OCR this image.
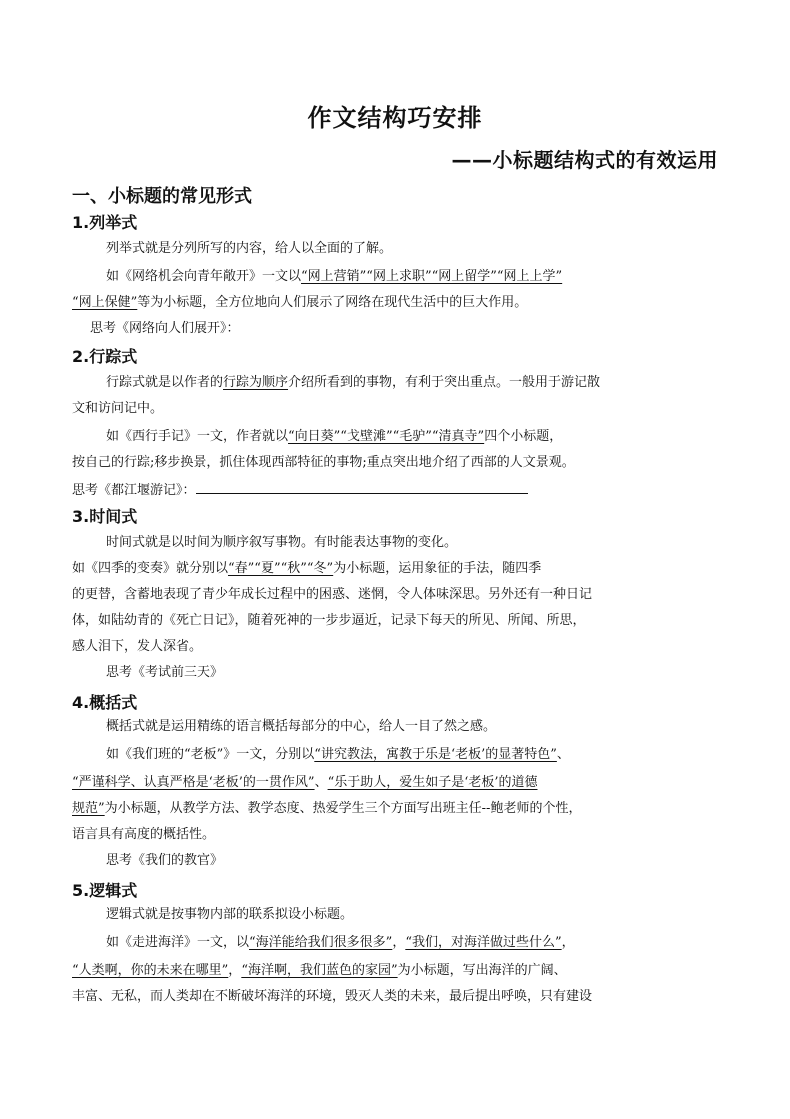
作文结构巧安排
——小标题结构式的有效运用
一、小标题的常见形式
1.列举式
列举式就是分列所写的内容，给人以全面的了解。
如《网络机会向青年敞开》一文以“网上营销”“网上求职”“网上留学”“网上上学”
“网上保健”等为小标题，全方位地向人们展示了网络在现代生活中的巨大作用。
思考《网络向人们展开》：
2.行踪式
行踪式就是以作者的行踪为顺序介绍所看到的事物，有利于突出重点。一般用于游记散
文和访问记中。
如《西行手记》一文，作者就以“向日葵”“戈壁滩”“毛驴”“清真寺”四个小标题，
按自己的行踪;移步换景，抓住体现西部特征的事物;重点突出地介绍了西部的人文景观。
思考《都江堰游记》：
3.时间式
时间式就是以时间为顺序叙写事物。有时能表达事物的变化。
如《四季的变奏》就分别以“春”“夏”“秋”“冬”为小标题，运用象征的手法，随四季
的更替，含蓄地表现了青少年成长过程中的困惑、迷惘，令人体味深思。另外还有一种日记
体，如陆幼青的《死亡日记》，随着死神的一步步逼近，记录下每天的所见、所闻、所思，
感人泪下，发人深省。
思考《考试前三天》
4.概括式
概括式就是运用精练的语言概括每部分的中心，给人一目了然之感。
如《我们班的“老板”》一文，分别以“讲究教法，寓教于乐是‘老板’的显著特色”、
“严谨科学、认真严格是‘老板’的一贯作风”、“乐于助人，爱生如子是‘老板’的道德
规范”为小标题，从教学方法、教学态度、热爱学生三个方面写出班主任--鲍老师的个性，
语言具有高度的概括性。
思考《我们的教官》
5.逻辑式
逻辑式就是按事物内部的联系拟设小标题。
如《走进海洋》一文，以“海洋能给我们很多很多”，“我们，对海洋做过些什么”，
“人类啊，你的未来在哪里”，“海洋啊，我们蓝色的家园”为小标题，写出海洋的广阔、
丰富、无私，而人类却在不断破坏海洋的环境，毁灭人类的未来，最后提出呼唤，只有建设
